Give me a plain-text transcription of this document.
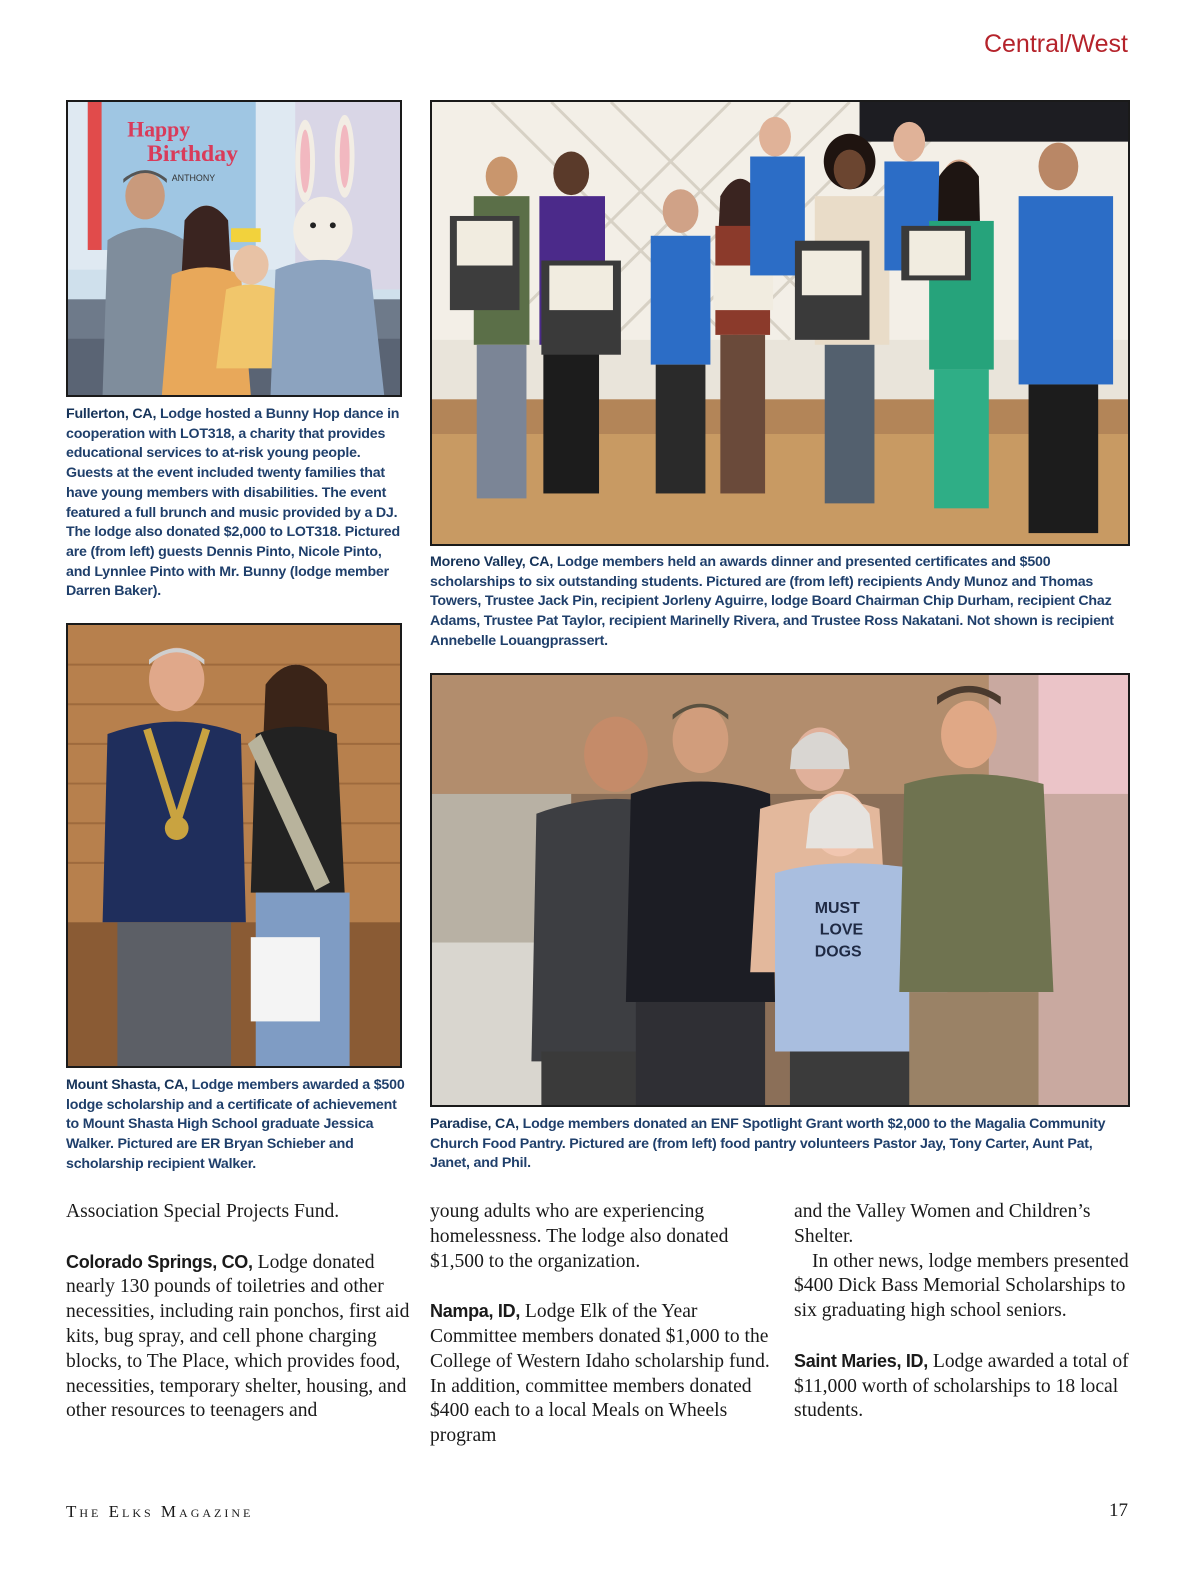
Central/West
Happy
Birthday
ANTHONY
Fullerton, CA, Lodge hosted a Bunny Hop dance in cooperation with LOT318, a charity that provides educational services to at-risk young people. Guests at the event included twenty families that have young members with disabilities. The event featured a full brunch and music provided by a DJ. The lodge also donated $2,000 to LOT318. Pictured are (from left) guests Dennis Pinto, Nicole Pinto, and Lynnlee Pinto with Mr. Bunny (lodge member Darren Baker).
Moreno Valley, CA, Lodge members held an awards dinner and presented certificates and $500 scholarships to six outstanding students. Pictured are (from left) recipients Andy Munoz and Thomas Towers, Trustee Jack Pin, recipient Jorleny Aguirre, lodge Board Chairman Chip Durham, recipient Chaz Adams, Trustee Pat Taylor, recipient Marinelly Rivera, and Trustee Ross Nakatani. Not shown is recipient Annebelle Louangprassert.
Mount Shasta, CA, Lodge members awarded a $500 lodge scholarship and a certificate of achievement to Mount Shasta High School graduate Jessica Walker. Pictured are ER Bryan Schieber and scholarship recipient Walker.
MUST
LOVE
DOGS
Paradise, CA, Lodge members donated an ENF Spotlight Grant worth $2,000 to the Magalia Community Church Food Pantry. Pictured are (from left) food pantry volunteers Pastor Jay, Tony Carter, Aunt Pat, Janet, and Phil.

Association Special Projects Fund.

Colorado Springs, CO, Lodge donated nearly 130 pounds of toiletries and other necessities, including rain ponchos, first aid kits, bug spray, and cell phone charging blocks, to The Place, which provides food, necessities, temporary shelter, housing, and other resources to teenagers and

young adults who are experiencing homelessness. The lodge also donated $1,500 to the organization.

Nampa, ID, Lodge Elk of the Year Committee members donated $1,000 to the College of Western Idaho scholarship fund. In addition, committee members donated $400 each to a local Meals on Wheels program

and the Valley Women and Children’s Shelter.

In other news, lodge members presented $400 Dick Bass Memorial Scholarships to six graduating high school seniors.

Saint Maries, ID, Lodge awarded a total of $11,000 worth of scholarships to 18 local students.

The Elks Magazine	17
